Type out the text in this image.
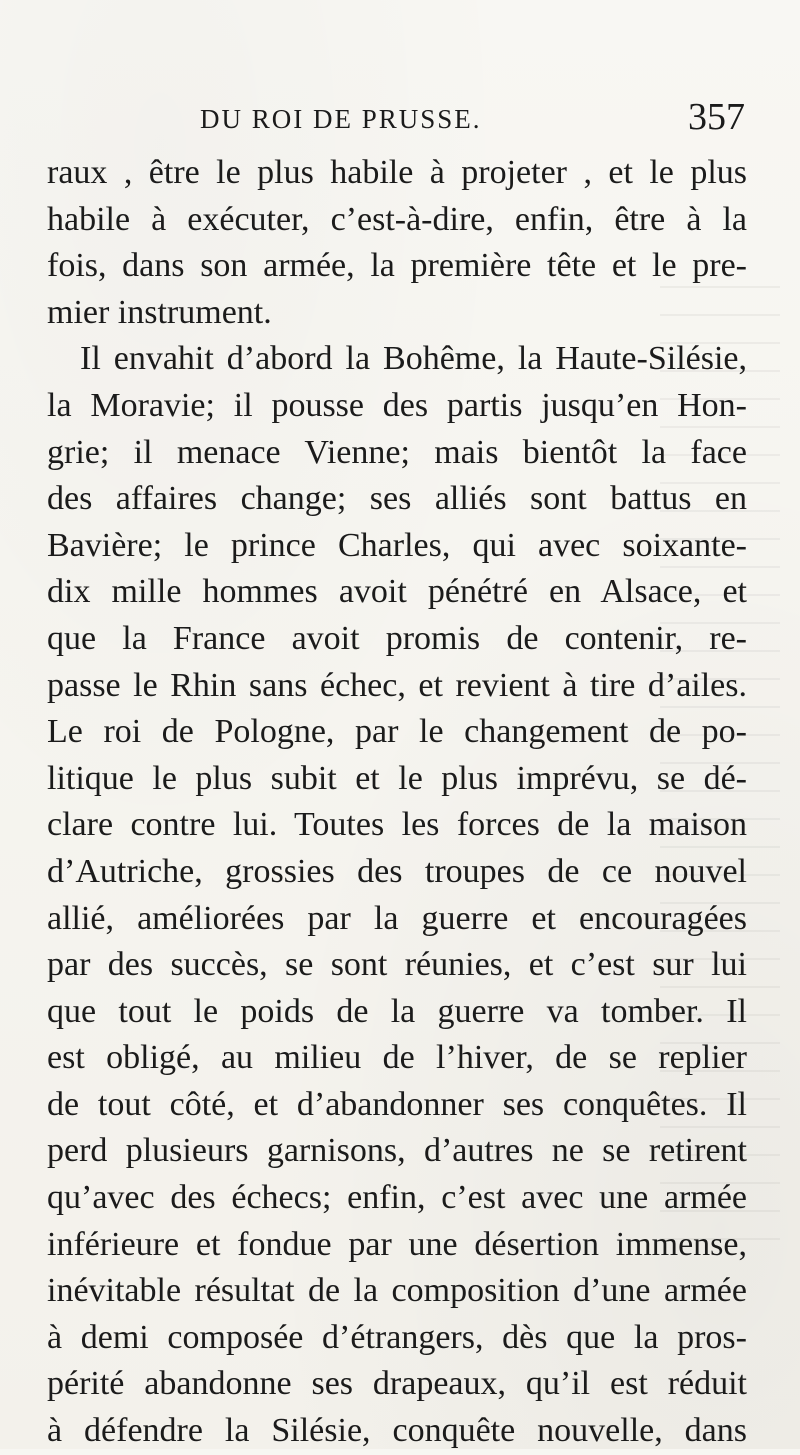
DU ROI DE PRUSSE.	357
raux , être le plus habile à projeter , et le plus
habile à exécuter, c’est-à-dire, enfin, être à la
fois, dans son armée, la première tête et le pre-
mier instrument.
Il envahit d’abord la Bohême, la Haute-Silésie,
la Moravie; il pousse des partis jusqu’en Hon-
grie; il menace Vienne; mais bientôt la face
des affaires change; ses alliés sont battus en
Bavière; le prince Charles, qui avec soixante-
dix mille hommes avoit pénétré en Alsace, et
que la France avoit promis de contenir, re-
passe le Rhin sans échec, et revient à tire d’ailes.
Le roi de Pologne, par le changement de po-
litique le plus subit et le plus imprévu, se dé-
clare contre lui. Toutes les forces de la maison
d’Autriche, grossies des troupes de ce nouvel
allié, améliorées par la guerre et encouragées
par des succès, se sont réunies, et c’est sur lui
que tout le poids de la guerre va tomber. Il
est obligé, au milieu de l’hiver, de se replier
de tout côté, et d’abandonner ses conquêtes. Il
perd plusieurs garnisons, d’autres ne se retirent
qu’avec des échecs; enfin, c’est avec une armée
inférieure et fondue par une désertion immense,
inévitable résultat de la composition d’une armée
à demi composée d’étrangers, dès que la pros-
périté abandonne ses drapeaux, qu’il est réduit
à défendre la Silésie, conquête nouvelle, dans
